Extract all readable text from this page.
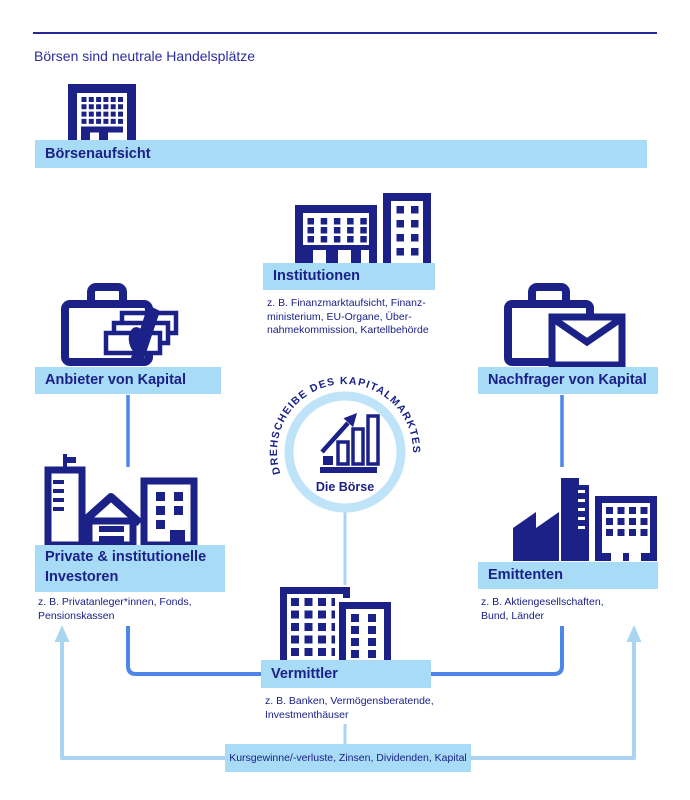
Börsen sind neutrale Handelsplätze
Börsenaufsicht
Institutionen
z. B. Finanzmarktaufsicht, Finanz-
ministerium, EU-Organe, Über-
nahmekommission, Kartellbehörde
Anbieter von Kapital	Nachfrager von Kapital
DREHSCHEIBE DES KAPITALMARKTES
Die Börse
Private & institutionelle
Investoren
z. B. Privatanleger*innen, Fonds,
Pensionskassen
Emittenten
z. B. Aktiengesellschaften,
Bund, Länder
Vermittler
z. B. Banken, Vermögensberatende,
Investmenthäuser
Kursgewinne/-verluste, Zinsen, Dividenden, Kapital
